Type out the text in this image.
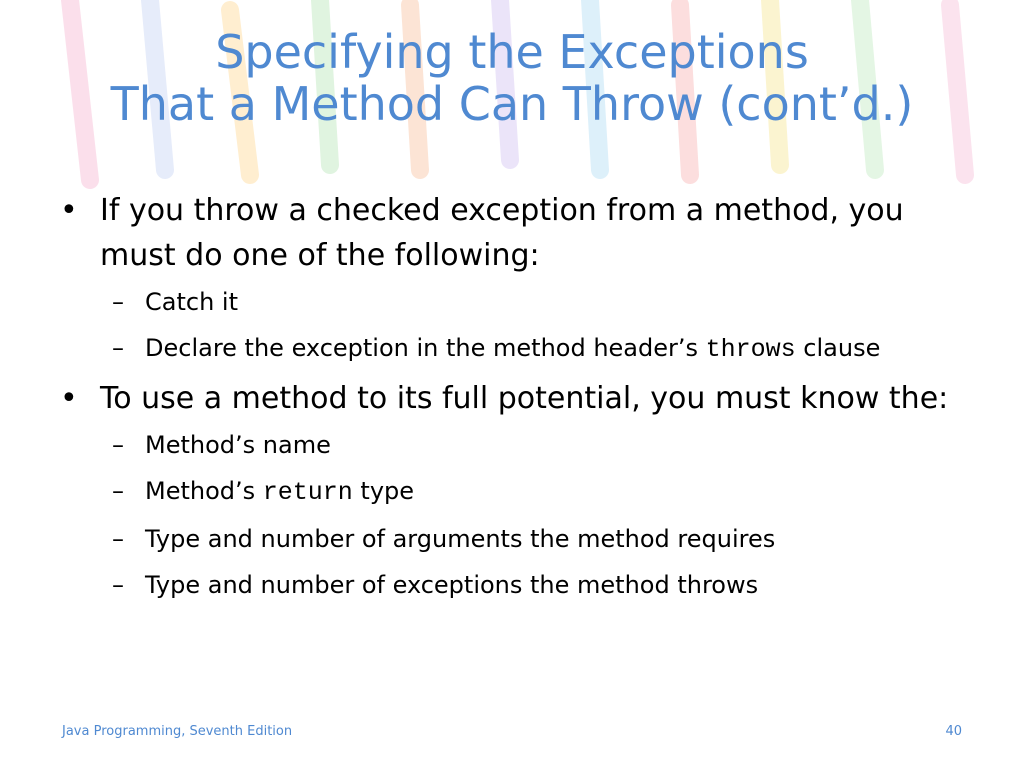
Specifying the Exceptions
That a Method Can Throw (cont’d.)
• If you throw a checked exception from a method, you must do one of the following:
– Catch it
– Declare the exception in the method header’s throws clause
• To use a method to its full potential, you must know the:
– Method’s name
– Method’s return type
– Type and number of arguments the method requires
– Type and number of exceptions the method throws
Java Programming, Seventh Edition	40
